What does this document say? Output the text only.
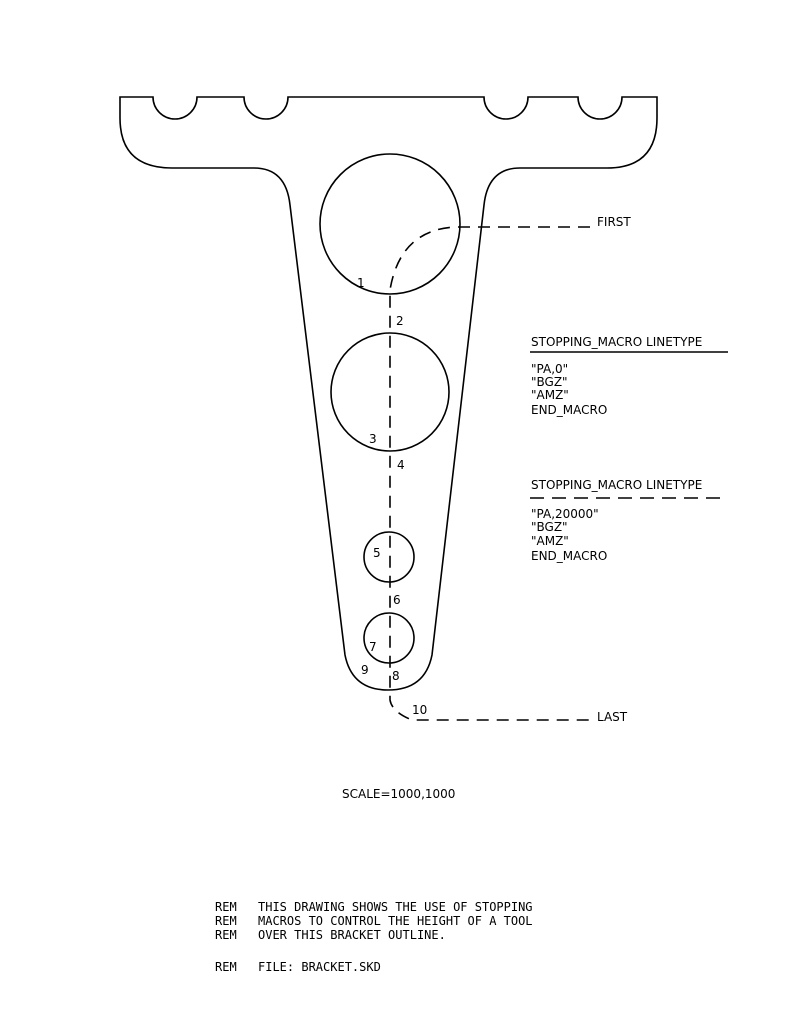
FIRST
LAST
1
2
3
4
5
6
7
9 8
10
STOPPING_MACRO LINETYPE
"PA,0"
"BGZ"
"AMZ"
END_MACRO
STOPPING_MACRO LINETYPE
"PA,20000"
"BGZ"
"AMZ"
END_MACRO
SCALE=1000,1000
REM THIS DRAWING SHOWS THE USE OF STOPPING
REM MACROS TO CONTROL THE HEIGHT OF A TOOL
REM OVER THIS BRACKET OUTLINE.
REM FILE: BRACKET.SKD
